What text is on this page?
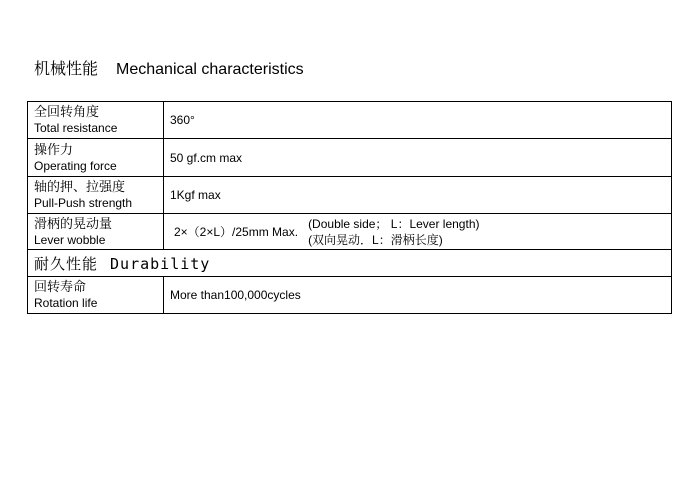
机械性能 Mechanical characteristics
全回转角度
Total resistance	360°

操作力
Operating force	50 gf.cm max

轴的押、拉强度
Pull-Push strength	1Kgf max

滑柄的晃动量
Lever wobble	2×（2×L）/25mm Max.
(Double side； L：Lever length)
(双向晃动．L：滑柄长度)

耐久性能 Durability	

回转寿命
Rotation life	More than100,000cycles
